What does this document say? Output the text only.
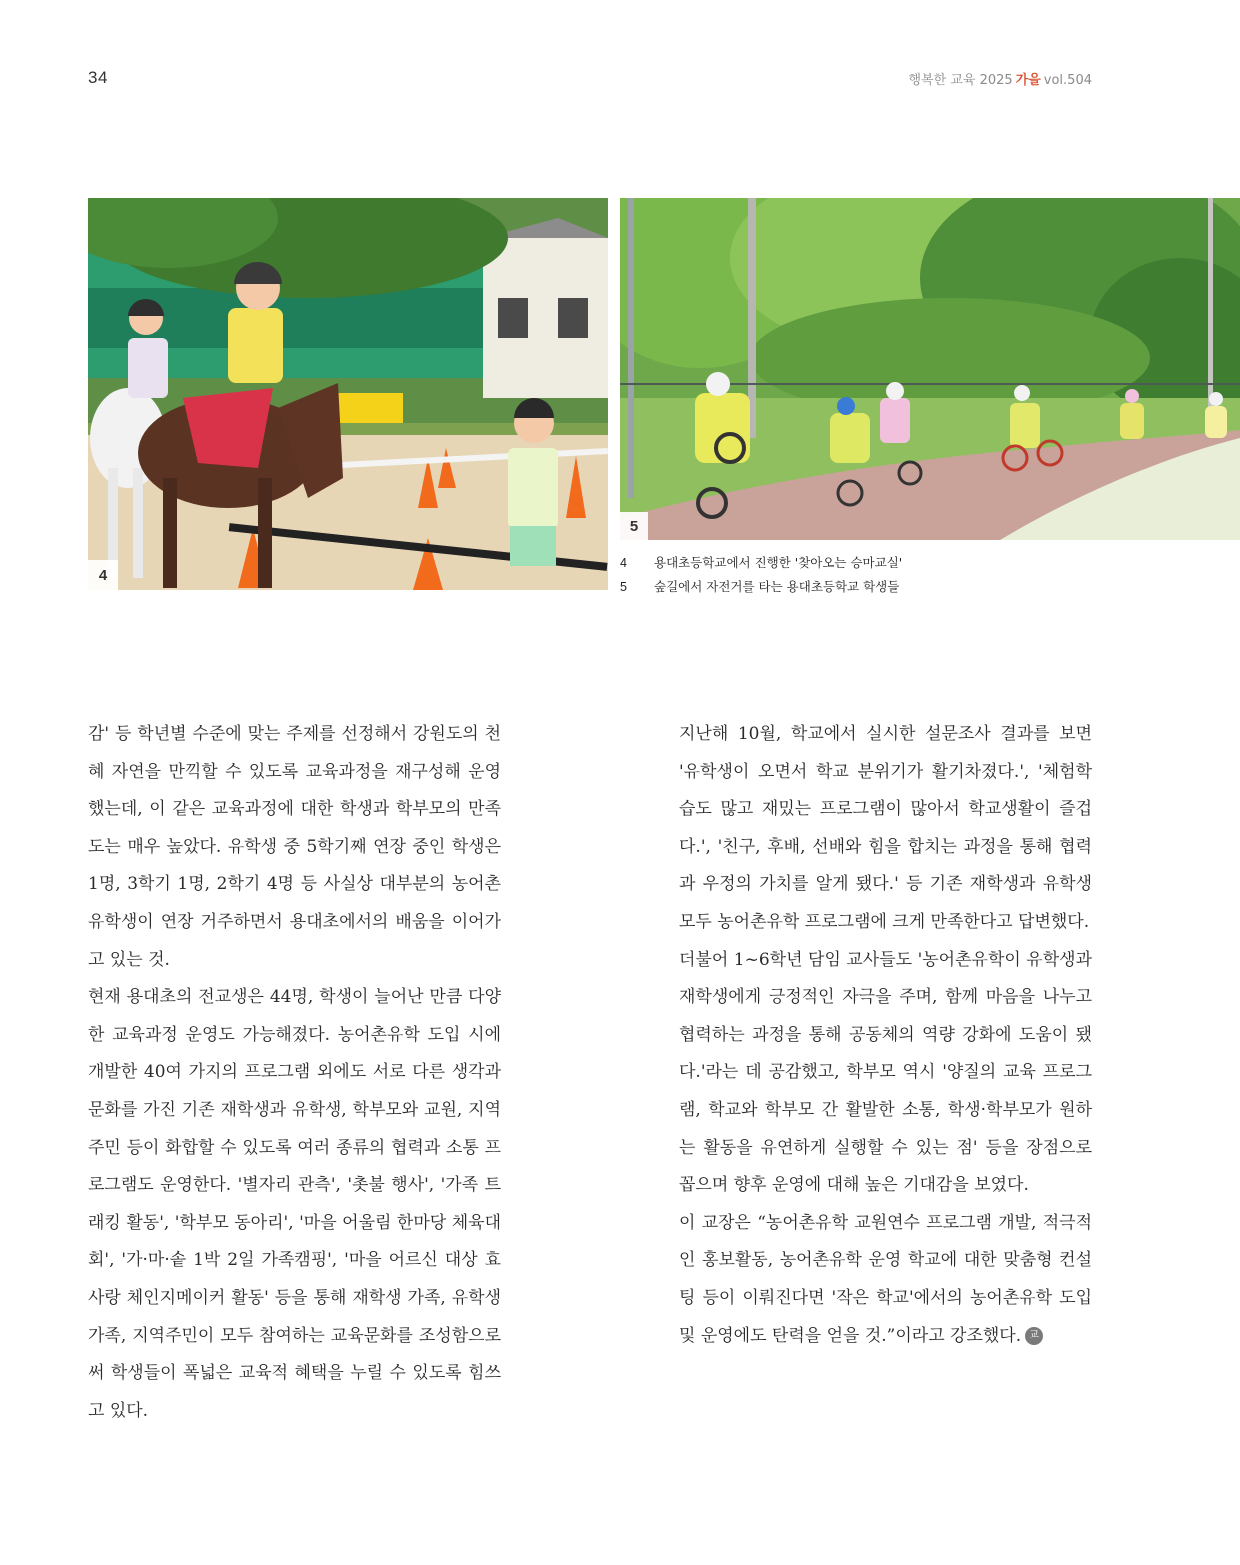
34	행복한 교육 2025 가을 vol.504
4
5
4	용대초등학교에서 진행한 '찾아오는 승마교실'
5	숲길에서 자전거를 타는 용대초등학교 학생들

감' 등 학년별 수준에 맞는 주제를 선정해서 강원도의 천혜 자연을 만끽할 수 있도록 교육과정을 재구성해 운영했는데, 이 같은 교육과정에 대한 학생과 학부모의 만족도는 매우 높았다. 유학생 중 5학기째 연장 중인 학생은 1명, 3학기 1명, 2학기 4명 등 사실상 대부분의 농어촌유학생이 연장 거주하면서 용대초에서의 배움을 이어가고 있는 것.

현재 용대초의 전교생은 44명, 학생이 늘어난 만큼 다양한 교육과정 운영도 가능해졌다. 농어촌유학 도입 시에 개발한 40여 가지의 프로그램 외에도 서로 다른 생각과 문화를 가진 기존 재학생과 유학생, 학부모와 교원, 지역주민 등이 화합할 수 있도록 여러 종류의 협력과 소통 프로그램도 운영한다. '별자리 관측', '촛불 행사', '가족 트래킹 활동', '학부모 동아리', '마을 어울림 한마당 체육대회', '가·마·솥 1박 2일 가족캠핑', '마을 어르신 대상 효사랑 체인지메이커 활동' 등을 통해 재학생 가족, 유학생 가족, 지역주민이 모두 참여하는 교육문화를 조성함으로써 학생들이 폭넓은 교육적 혜택을 누릴 수 있도록 힘쓰고 있다.

지난해 10월, 학교에서 실시한 설문조사 결과를 보면 '유학생이 오면서 학교 분위기가 활기차졌다.', '체험학습도 많고 재밌는 프로그램이 많아서 학교생활이 즐겁다.', '친구, 후배, 선배와 힘을 합치는 과정을 통해 협력과 우정의 가치를 알게 됐다.' 등 기존 재학생과 유학생 모두 농어촌유학 프로그램에 크게 만족한다고 답변했다.

더불어 1~6학년 담임 교사들도 '농어촌유학이 유학생과 재학생에게 긍정적인 자극을 주며, 함께 마음을 나누고 협력하는 과정을 통해 공동체의 역량 강화에 도움이 됐다.'라는 데 공감했고, 학부모 역시 '양질의 교육 프로그램, 학교와 학부모 간 활발한 소통, 학생·학부모가 원하는 활동을 유연하게 실행할 수 있는 점' 등을 장점으로 꼽으며 향후 운영에 대해 높은 기대감을 보였다.

이 교장은 “농어촌유학 교원연수 프로그램 개발, 적극적인 홍보활동, 농어촌유학 운영 학교에 대한 맞춤형 컨설팅 등이 이뤄진다면 '작은 학교'에서의 농어촌유학 도입 및 운영에도 탄력을 얻을 것.”이라고 강조했다. 교
